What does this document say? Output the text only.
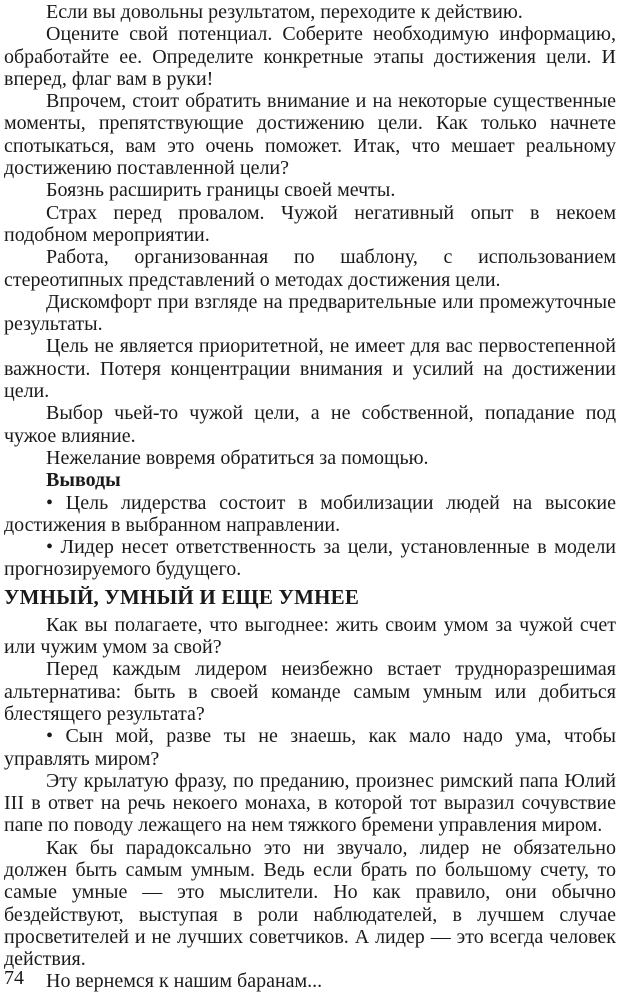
Если вы довольны результатом, переходите к действию.

Оцените свой потенциал. Соберите необходимую информацию, обработайте ее. Определите конкретные этапы достижения цели. И вперед, флаг вам в руки!

Впрочем, стоит обратить внимание и на некоторые существенные моменты, препятствующие достижению цели. Как только начнете спотыкаться, вам это очень поможет. Итак, что мешает реальному достижению поставленной цели?

Боязнь расширить границы своей мечты.

Страх перед провалом. Чужой негативный опыт в некоем подобном мероприятии.

Работа, организованная по шаблону, с использованием стереотипных представлений о методах достижения цели.

Дискомфорт при взгляде на предварительные или промежуточные результаты.

Цель не является приоритетной, не имеет для вас первостепенной важности. Потеря концентрации внимания и усилий на достижении цели.

Выбор чьей-то чужой цели, а не собственной, попадание под чужое влияние.

Нежелание вовремя обратиться за помощью.

Выводы

• Цель лидерства состоит в мобилизации людей на высокие достижения в выбранном направлении.

• Лидер несет ответственность за цели, установленные в модели прогнозируемого будущего.

УМНЫЙ, УМНЫЙ И ЕЩЕ УМНЕЕ

Как вы полагаете, что выгоднее: жить своим умом за чужой счет или чужим умом за свой?

Перед каждым лидером неизбежно встает трудноразрешимая альтернатива: быть в своей команде самым умным или добиться блестящего результата?

• Сын мой, разве ты не знаешь, как мало надо ума, чтобы управлять миром?

Эту крылатую фразу, по преданию, произнес римский папа Юлий III в ответ на речь некоего монаха, в которой тот выразил сочувствие папе по поводу лежащего на нем тяжкого бремени управления миром.

Как бы парадоксально это ни звучало, лидер не обязательно должен быть самым умным. Ведь если брать по большому счету, то самые умные — это мыслители. Но как правило, они обычно бездействуют, выступая в роли наблюдателей, в лучшем случае просветителей и не лучших советчиков. А лидер — это всегда человек действия.

Но вернемся к нашим баранам...

74
